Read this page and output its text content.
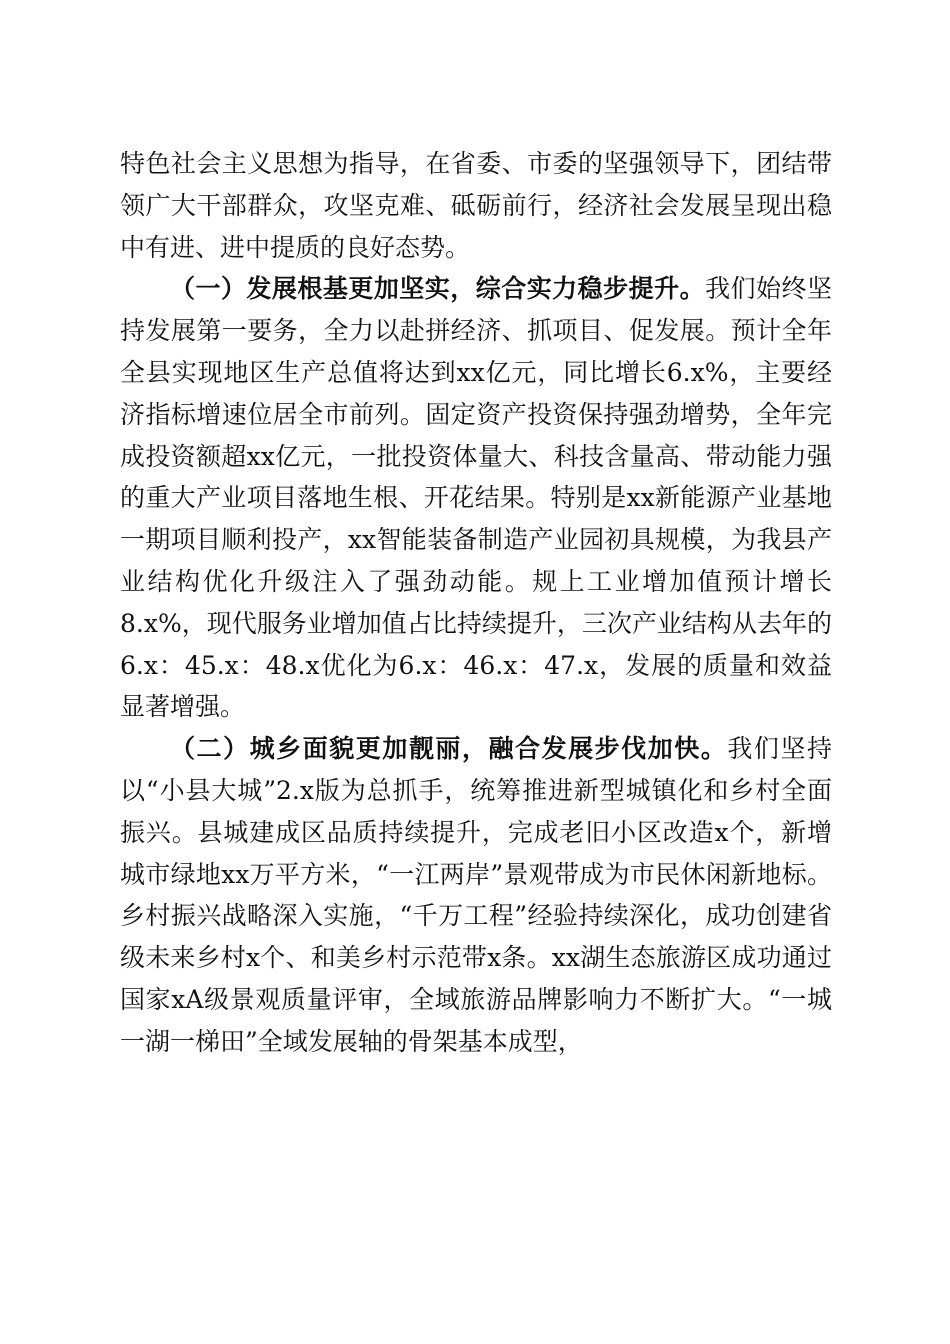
特色社会主义思想为指导，在省委、市委的坚强领导下，团结带领广大干部群众，攻坚克难、砥砺前行，经济社会发展呈现出稳中有进、进中提质的良好态势。

（一）发展根基更加坚实，综合实力稳步提升。我们始终坚持发展第一要务，全力以赴拼经济、抓项目、促发展。预计全年全县实现地区生产总值将达到xx亿元，同比增长6.x%，主要经济指标增速位居全市前列。固定资产投资保持强劲增势，全年完成投资额超xx亿元，一批投资体量大、科技含量高、带动能力强的重大产业项目落地生根、开花结果。特别是xx新能源产业基地一期项目顺利投产，xx智能装备制造产业园初具规模，为我县产业结构优化升级注入了强劲动能。规上工业增加值预计增长8.x%，现代服务业增加值占比持续提升，三次产业结构从去年的6.x：45.x：48.x优化为6.x：46.x：47.x，发展的质量和效益显著增强。

（二）城乡面貌更加靓丽，融合发展步伐加快。我们坚持以“小县大城”2.x版为总抓手，统筹推进新型城镇化和乡村全面振兴。县城建成区品质持续提升，完成老旧小区改造x个，新增城市绿地xx万平方米，“一江两岸”景观带成为市民休闲新地标。乡村振兴战略深入实施，“千万工程”经验持续深化，成功创建省级未来乡村x个、和美乡村示范带x条。xx湖生态旅游区成功通过国家xA级景观质量评审，全域旅游品牌影响力不断扩大。“一城一湖一梯田”全域发展轴的骨架基本成型，
